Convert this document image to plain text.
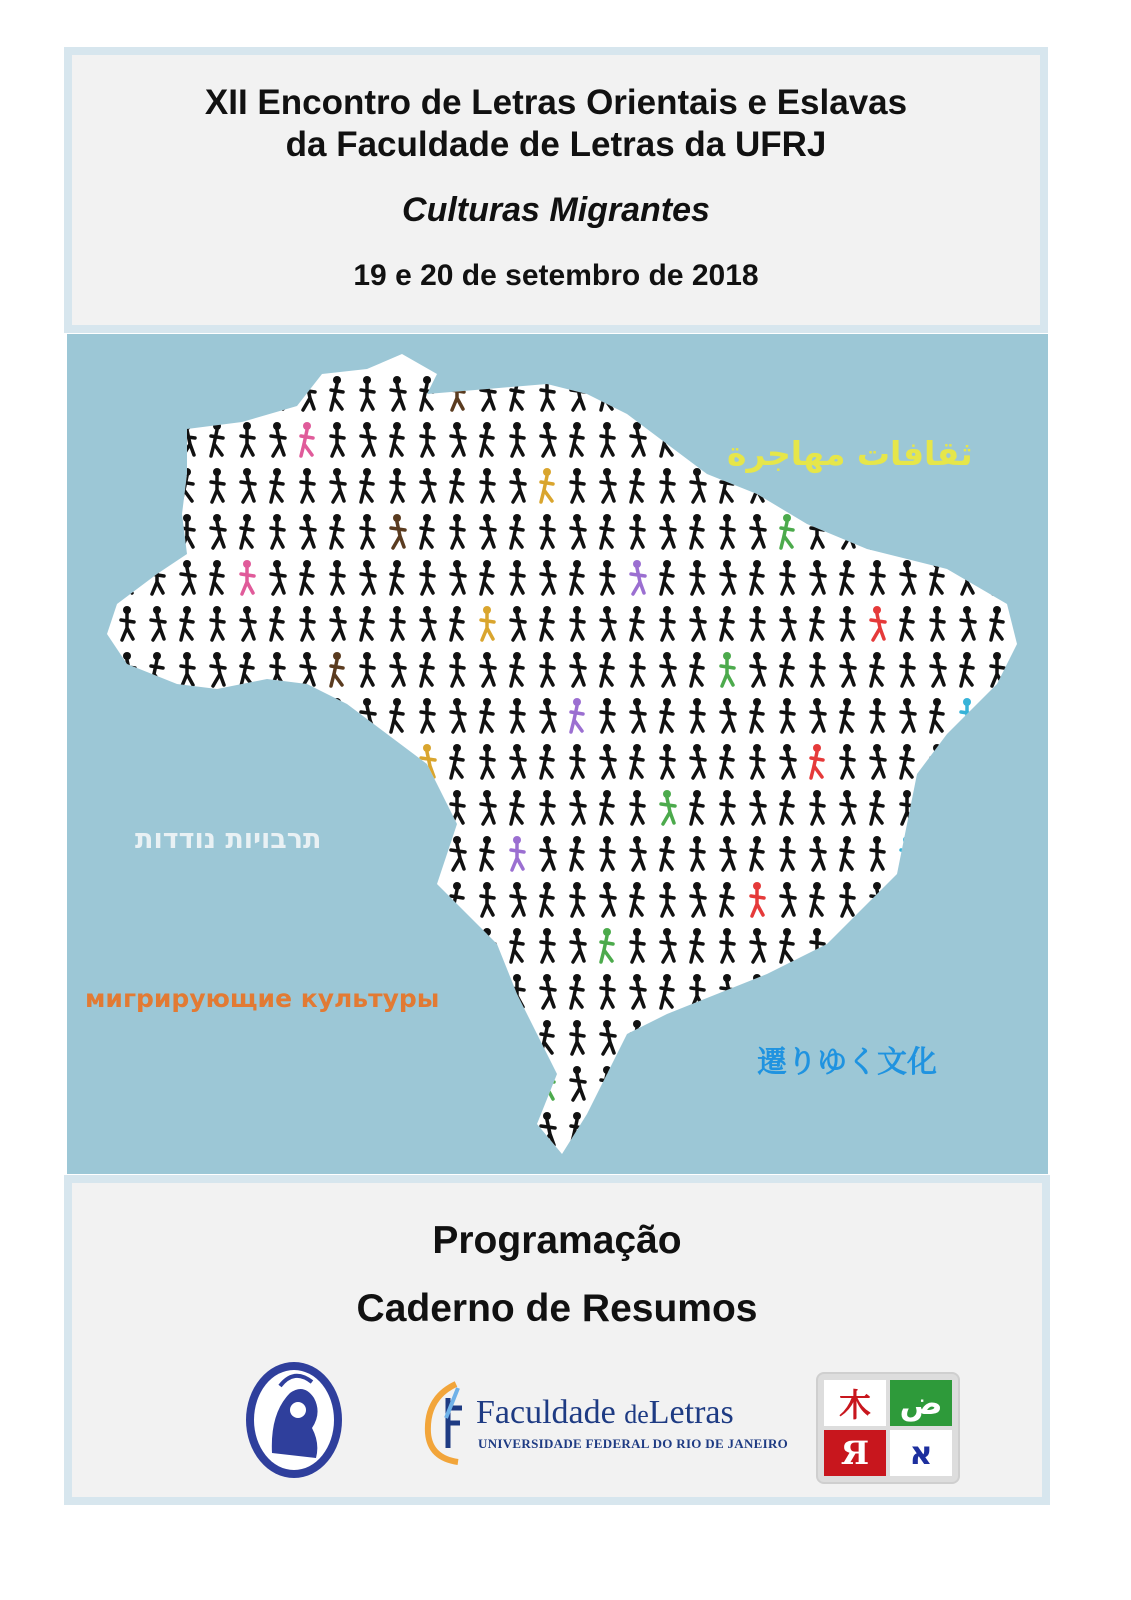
XII Encontro de Letras Orientais e Eslavas
da Faculdade de Letras da UFRJ
Culturas Migrantes
19 e 20 de setembro de 2018
ثقافات مهاجرة
תרבויות נודדות
мигрирующие культуры
遷りゆく文化
Programação
Caderno de Resumos
Faculdade deLetras
UNIVERSIDADE FEDERAL DO RIO DE JANEIRO
木 ض
Я	א
